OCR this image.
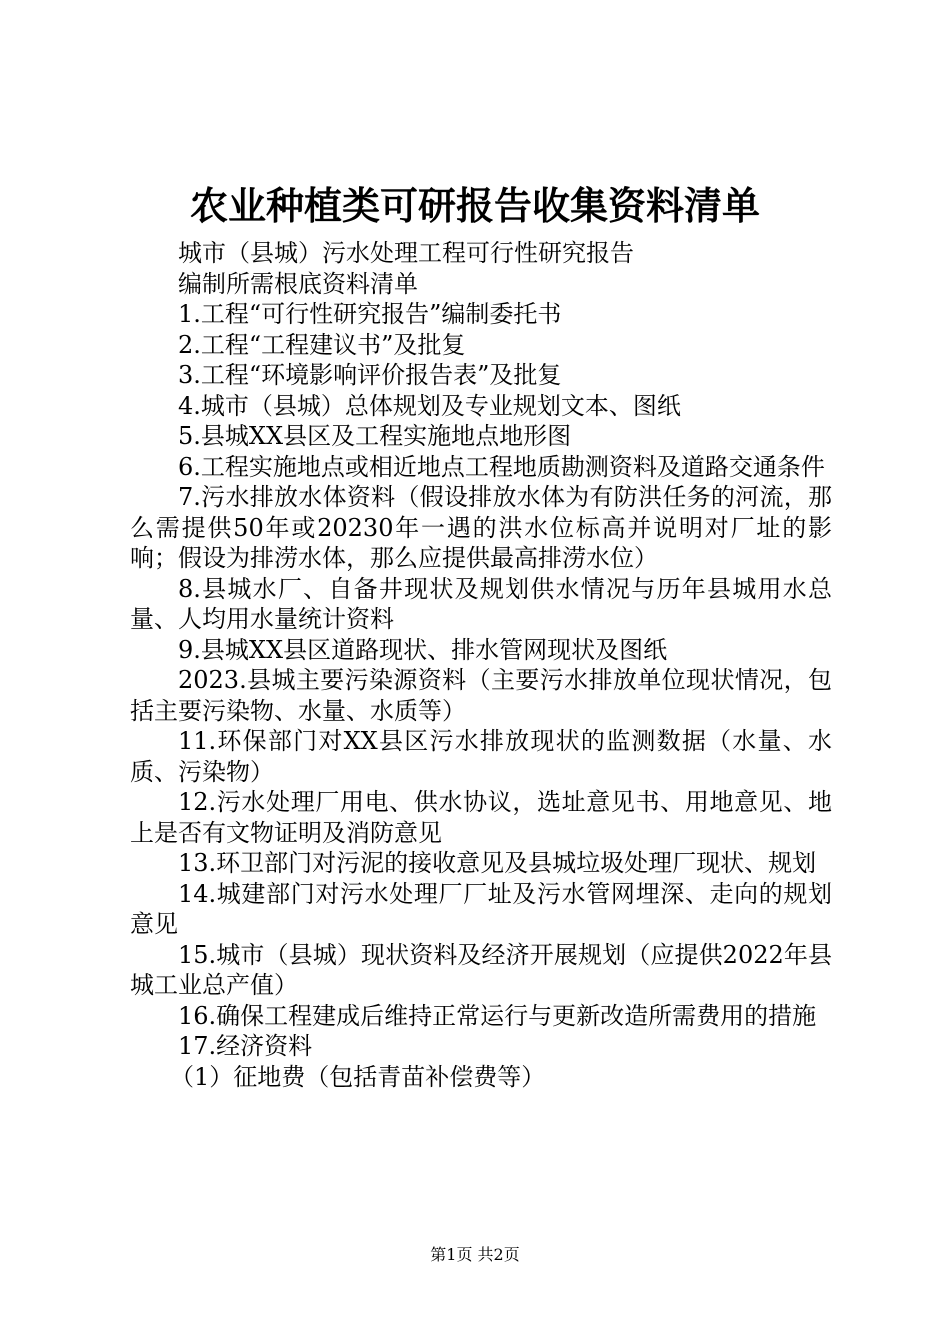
农业种植类可研报告收集资料清单

城市（县城）污水处理工程可行性研究报告

编制所需根底资料清单

1.工程“可行性研究报告”编制委托书

2.工程“工程建议书”及批复

3.工程“环境影响评价报告表”及批复

4.城市（县城）总体规划及专业规划文本、图纸

5.县城XX县区及工程实施地点地形图

6.工程实施地点或相近地点工程地质勘测资料及道路交通条件

7.污水排放水体资料（假设排放水体为有防洪任务的河流，那么需提供50年或20230年一遇的洪水位标高并说明对厂址的影响；假设为排涝水体，那么应提供最高排涝水位）

8.县城水厂、自备井现状及规划供水情况与历年县城用水总量、人均用水量统计资料

9.县城XX县区道路现状、排水管网现状及图纸

2023.县城主要污染源资料（主要污水排放单位现状情况，包括主要污染物、水量、水质等）

11.环保部门对XX县区污水排放现状的监测数据（水量、水质、污染物）

12.污水处理厂用电、供水协议，选址意见书、用地意见、地上是否有文物证明及消防意见

13.环卫部门对污泥的接收意见及县城垃圾处理厂现状、规划

14.城建部门对污水处理厂厂址及污水管网埋深、走向的规划意见

15.城市（县城）现状资料及经济开展规划（应提供2022年县城工业总产值）

16.确保工程建成后维持正常运行与更新改造所需费用的措施

17.经济资料

（1）征地费（包括青苗补偿费等）

第1页 共2页
